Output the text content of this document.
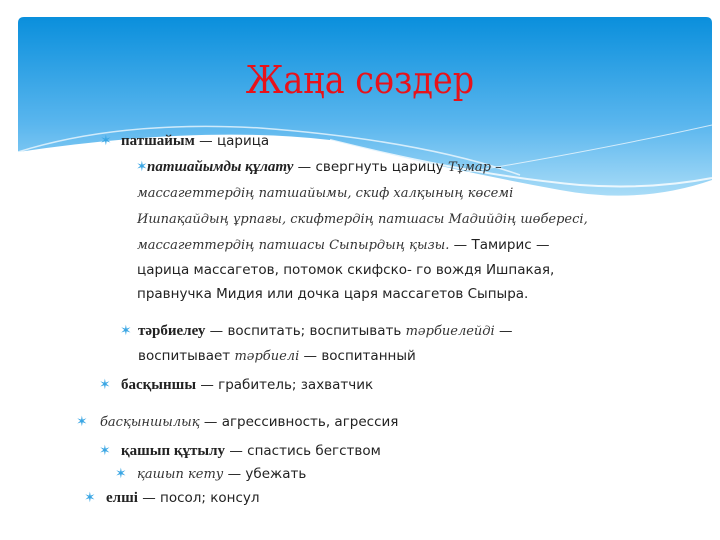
Жаңа сөздер
✶ патшайым — царица
✶ патшайымды құлату — свергнуть царицу Тұмар –
массагеттердің патшайымы, скиф халқының көсемі
Ишпақайдың ұрпағы, скифтердің патшасы Мадийдің шөбересі,
массагеттердің патшасы Сыпырдың қызы. — Тамирис —
царица массагетов, потомок скифско- го вождя Ишпакая,
правнучка Мидия или дочка царя массагетов Сыпыра.
✶ тәрбиелеу — воспитать; воспитывать тәрбиелейді —
воспитывает тәрбиелі — воспитанный
✶ басқыншы — грабитель; захватчик
✶ басқыншылық — агрессивность, агрессия
✶ қашып құтылу — спастись бегством
✶ қашып кету — убежать
✶ елші — посол; консул
